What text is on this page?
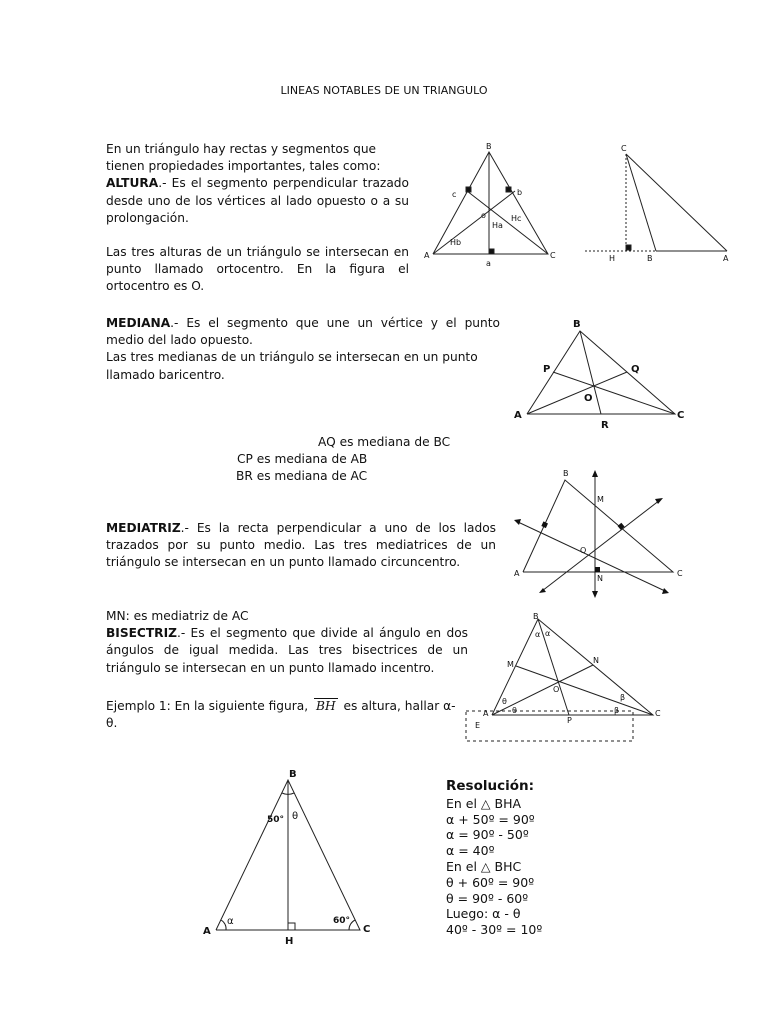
LINEAS NOTABLES DE UN TRIANGULO
En un triángulo hay rectas y segmentos que
tienen propiedades importantes, tales como:
ALTURA.- Es el segmento perpendicular trazado desde uno de los vértices al lado opuesto o a su prolongación.
Las tres alturas de un triángulo se intersecan en punto llamado ortocentro. En la figura el ortocentro es O.
MEDIANA.- Es el segmento que une un vértice y el punto medio del lado opuesto.
Las tres medianas de un triángulo se intersecan en un punto llamado baricentro.
AQ es mediana de BC
CP es mediana de AB
BR es mediana de AC
MEDIATRIZ.- Es la recta perpendicular a uno de los lados trazados por su punto medio. Las tres mediatrices de un triángulo se intersecan en un punto llamado circuncentro.
MN: es mediatriz de AC
BISECTRIZ.- Es el segmento que divide al ángulo en dos ángulos de igual medida. Las tres bisectrices de un triángulo se intersecan en un punto llamado incentro.
Ejemplo 1: En la siguiente figura, BH es altura, hallar α-
θ.
Resolución:
En el △ BHA
α + 50º = 90º
α = 90º - 50º
α = 40º
En el △ BHC
θ + 60º = 90º
θ = 90º - 60º
Luego: α - θ
40º - 30º = 10º
B
A	C
a
b
c
o
Ha
Hb
Hc
C
H	B	A
B
P	Q
O
A	C
R
B
M
O
A
N
C
B
M	N
O
A
P
C
E
α α
θ
θ
β
β
B
A
H
C
50° θ
α	60°
